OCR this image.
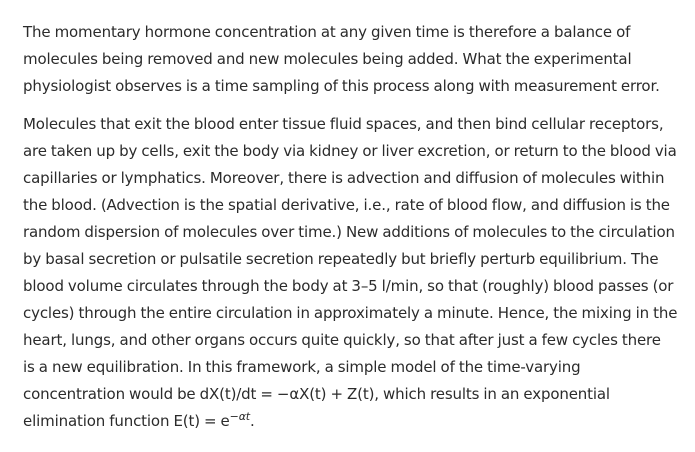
The momentary hormone concentration at any given time is therefore a balance of
molecules being removed and new molecules being added. What the experimental
physiologist observes is a time sampling of this process along with measurement error.

Molecules that exit the blood enter tissue fluid spaces, and then bind cellular receptors,
are taken up by cells, exit the body via kidney or liver excretion, or return to the blood via
capillaries or lymphatics. Moreover, there is advection and diffusion of molecules within
the blood. (Advection is the spatial derivative, i.e., rate of blood flow, and diffusion is the
random dispersion of molecules over time.) New additions of molecules to the circulation
by basal secretion or pulsatile secretion repeatedly but briefly perturb equilibrium. The
blood volume circulates through the body at 3–5 l/min, so that (roughly) blood passes (or
cycles) through the entire circulation in approximately a minute. Hence, the mixing in the
heart, lungs, and other organs occurs quite quickly, so that after just a few cycles there
is a new equilibration. In this framework, a simple model of the time-varying
concentration would be dX(t)/dt = −αX(t) + Z(t), which results in an exponential
elimination function $E(t) = e^{-\alpha t}$.
